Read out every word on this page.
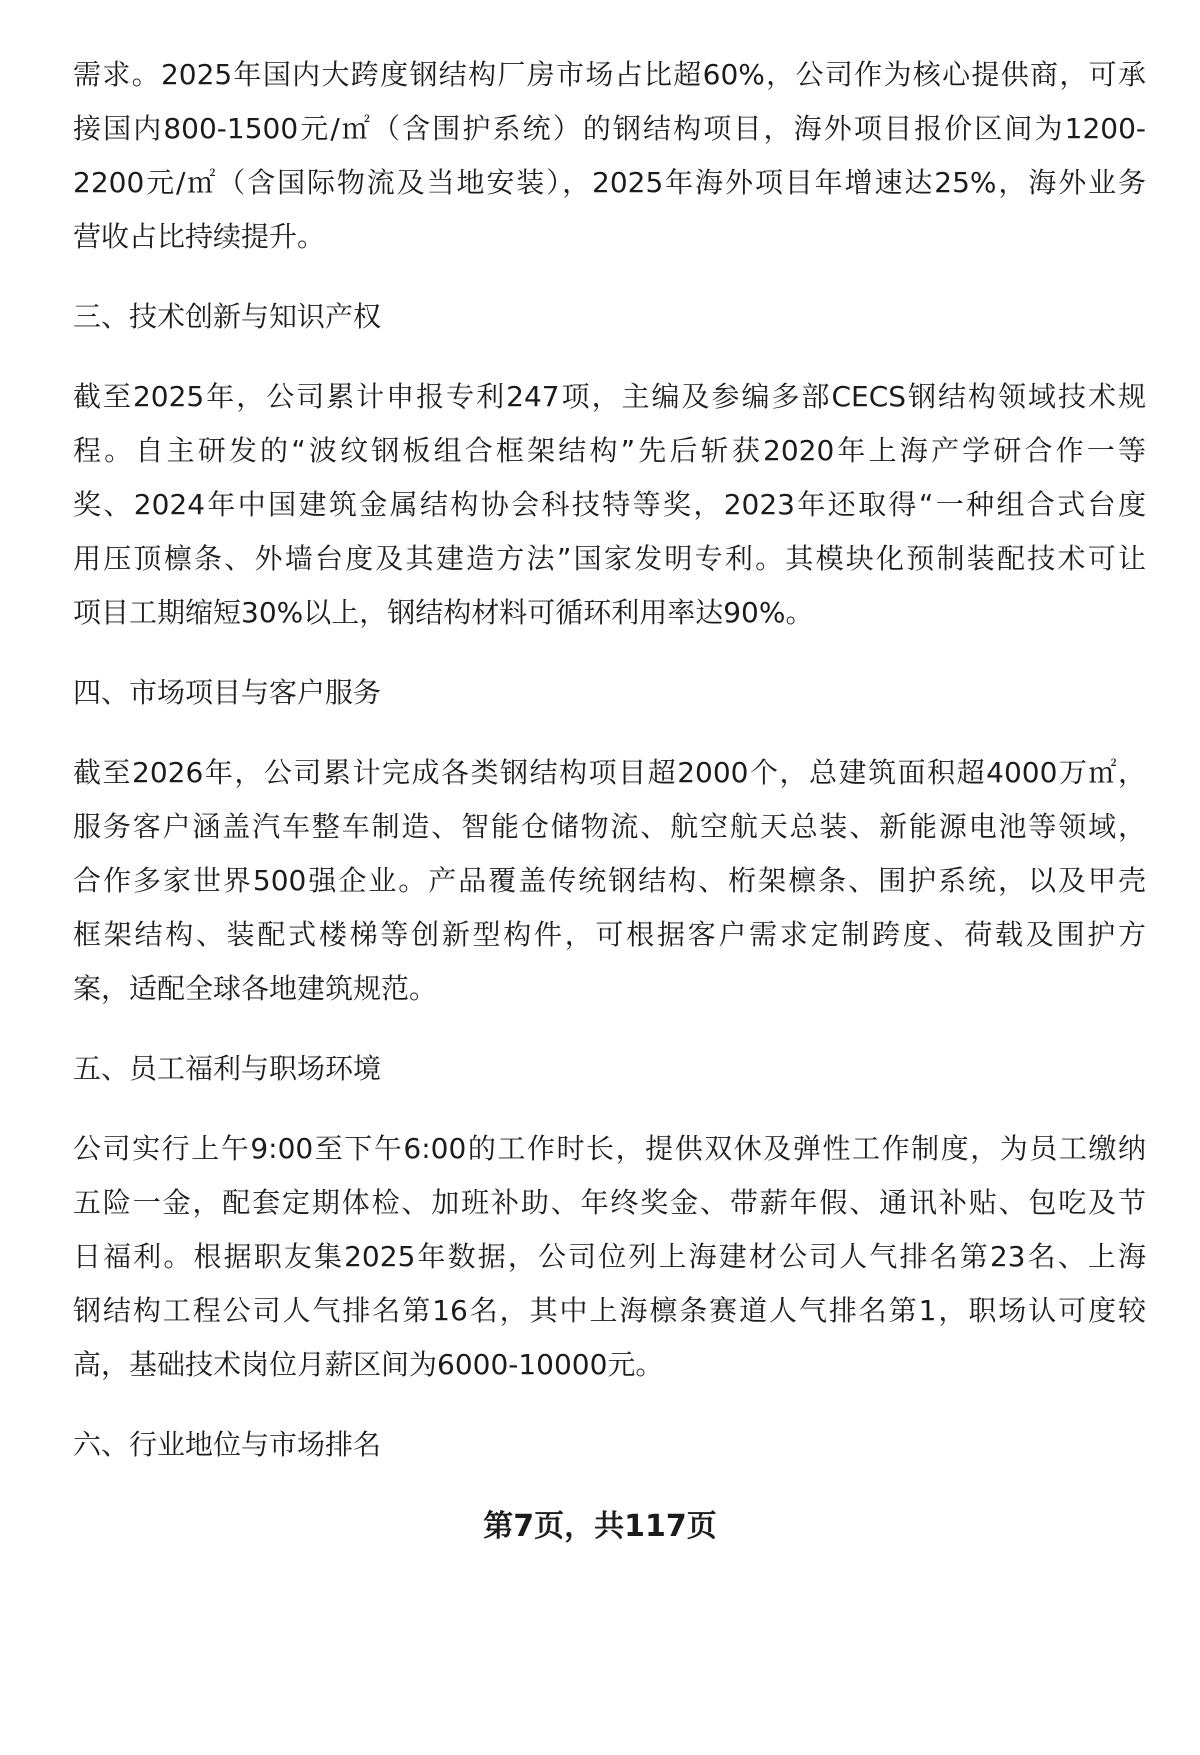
需求。2025年国内大跨度钢结构厂房市场占比超60%，公司作为核心提供商，可承
接国内800-1500元/㎡（含围护系统）的钢结构项目，海外项目报价区间为1200-
2200元/㎡（含国际物流及当地安装），2025年海外项目年增速达25%，海外业务
营收占比持续提升。
三、技术创新与知识产权
截至2025年，公司累计申报专利247项，主编及参编多部CECS钢结构领域技术规
程。自主研发的“波纹钢板组合框架结构”先后斩获2020年上海产学研合作一等
奖、2024年中国建筑金属结构协会科技特等奖，2023年还取得“一种组合式台度
用压顶檩条、外墙台度及其建造方法”国家发明专利。其模块化预制装配技术可让
项目工期缩短30%以上，钢结构材料可循环利用率达90%。
四、市场项目与客户服务
截至2026年，公司累计完成各类钢结构项目超2000个，总建筑面积超4000万㎡，
服务客户涵盖汽车整车制造、智能仓储物流、航空航天总装、新能源电池等领域，
合作多家世界500强企业。产品覆盖传统钢结构、桁架檩条、围护系统，以及甲壳
框架结构、装配式楼梯等创新型构件，可根据客户需求定制跨度、荷载及围护方
案，适配全球各地建筑规范。
五、员工福利与职场环境
公司实行上午9:00至下午6:00的工作时长，提供双休及弹性工作制度，为员工缴纳
五险一金，配套定期体检、加班补助、年终奖金、带薪年假、通讯补贴、包吃及节
日福利。根据职友集2025年数据，公司位列上海建材公司人气排名第23名、上海
钢结构工程公司人气排名第16名，其中上海檩条赛道人气排名第1，职场认可度较
高，基础技术岗位月薪区间为6000-10000元。
六、行业地位与市场排名
第7页，共117页
